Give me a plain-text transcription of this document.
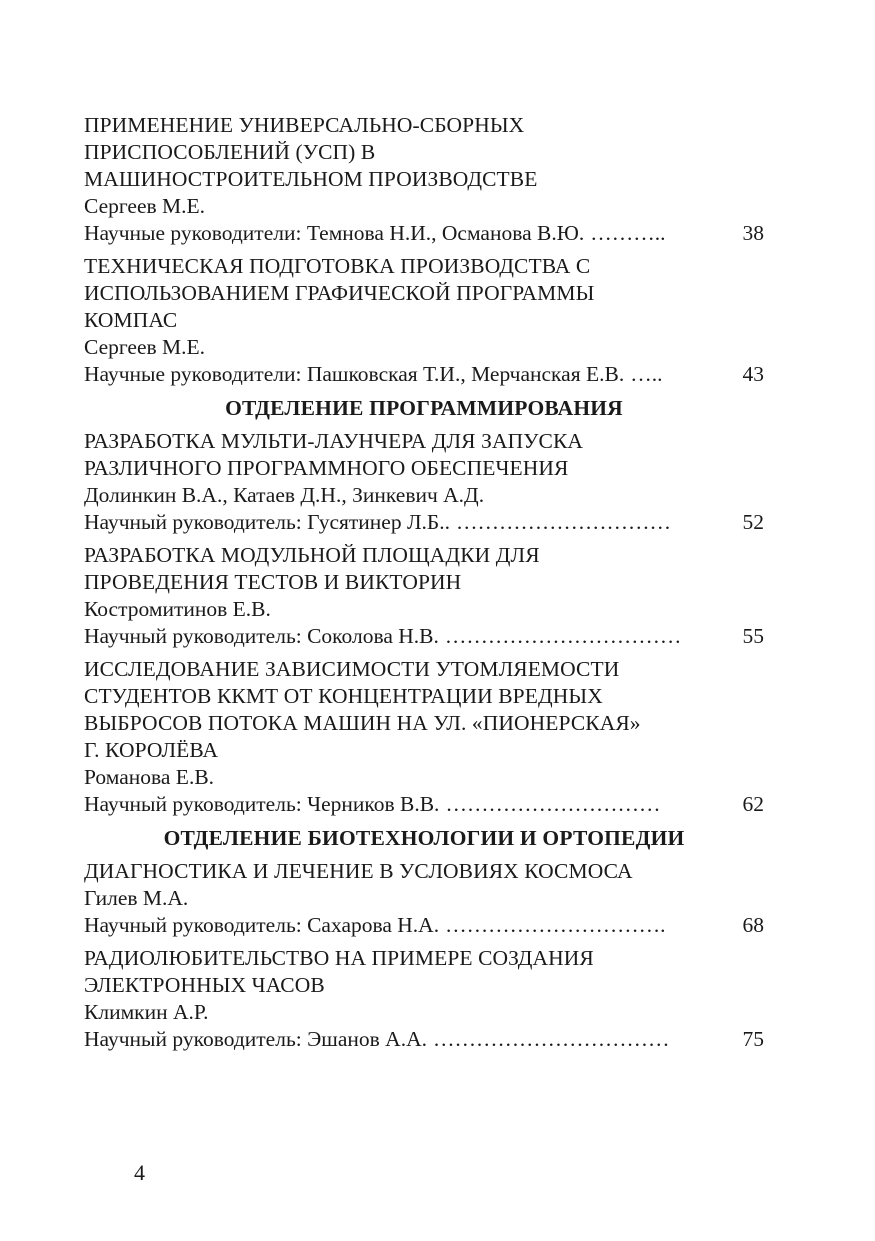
ПРИМЕНЕНИЕ УНИВЕРСАЛЬНО-СБОРНЫХ
ПРИСПОСОБЛЕНИЙ (УСП) В
МАШИНОСТРОИТЕЛЬНОМ ПРОИЗВОДСТВЕ
Сергеев М.Е.
Научные руководители: Темнова Н.И., Османова В.Ю. ………..	38
ТЕХНИЧЕСКАЯ ПОДГОТОВКА ПРОИЗВОДСТВА С
ИСПОЛЬЗОВАНИЕМ ГРАФИЧЕСКОЙ ПРОГРАММЫ
КОМПАС
Сергеев М.Е.
Научные руководители: Пашковская Т.И., Мерчанская Е.В. …..	43
ОТДЕЛЕНИЕ ПРОГРАММИРОВАНИЯ
РАЗРАБОТКА МУЛЬТИ-ЛАУНЧЕРА ДЛЯ ЗАПУСКА
РАЗЛИЧНОГО ПРОГРАММНОГО ОБЕСПЕЧЕНИЯ
Долинкин В.А., Катаев Д.Н., Зинкевич А.Д.
Научный руководитель: Гусятинер Л.Б.. …………………………	52
РАЗРАБОТКА МОДУЛЬНОЙ ПЛОЩАДКИ ДЛЯ
ПРОВЕДЕНИЯ ТЕСТОВ И ВИКТОРИН
Костромитинов Е.В.
Научный руководитель: Соколова Н.В. ……………………………	55
ИССЛЕДОВАНИЕ ЗАВИСИМОСТИ УТОМЛЯЕМОСТИ
СТУДЕНТОВ ККМТ ОТ КОНЦЕНТРАЦИИ ВРЕДНЫХ
ВЫБРОСОВ ПОТОКА МАШИН НА УЛ. «ПИОНЕРСКАЯ»
Г. КОРОЛЁВА
Романова Е.В.
Научный руководитель: Черников В.В. …………………………	62
ОТДЕЛЕНИЕ БИОТЕХНОЛОГИИ И ОРТОПЕДИИ
ДИАГНОСТИКА И ЛЕЧЕНИЕ В УСЛОВИЯХ КОСМОСА
Гилев М.А.
Научный руководитель: Сахарова Н.А. ………………………….	68
РАДИОЛЮБИТЕЛЬСТВО НА ПРИМЕРЕ СОЗДАНИЯ
ЭЛЕКТРОННЫХ ЧАСОВ
Климкин А.Р.
Научный руководитель: Эшанов А.А. ……………………………	75
4
